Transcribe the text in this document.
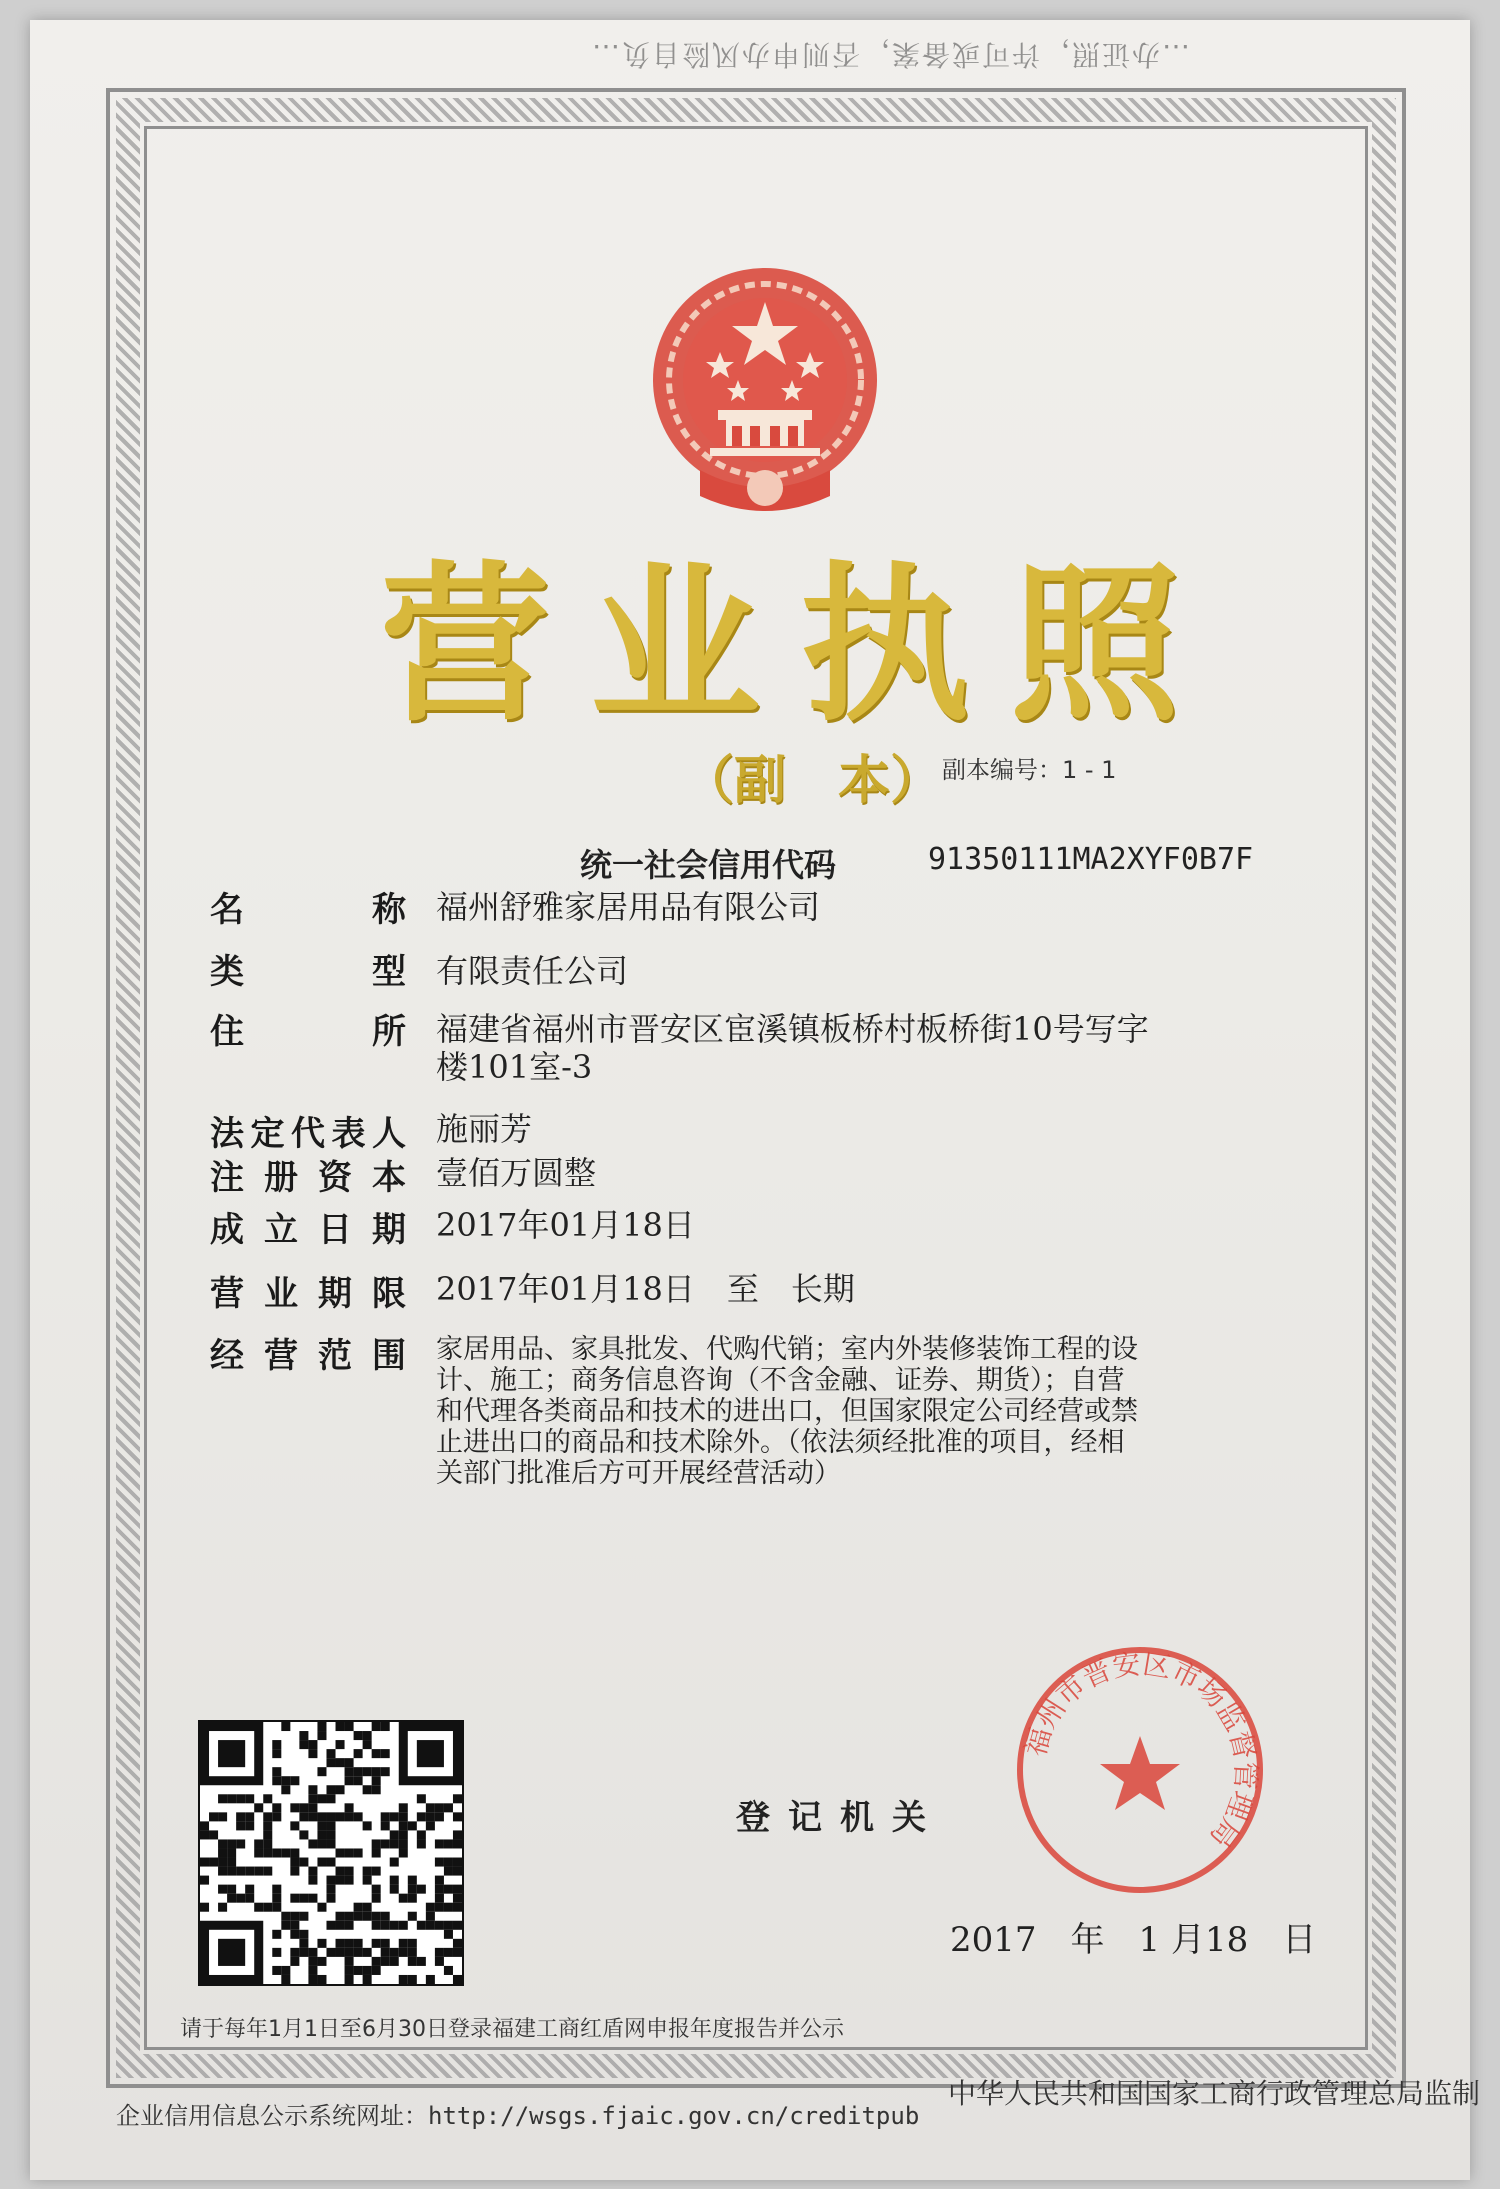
…办证照，许可或备案，否则申办风险自负…
营 业 执 照
（副　本） 副本编号：1 - 1
统一社会信用代码	91350111MA2XYF0B7F
名	称 福州舒雅家居用品有限公司
类	型 有限责任公司
住	所 福建省福州市晋安区宦溪镇板桥村板桥街10号写字
楼101室-3
法 定 代 表 人 施丽芳
注 册 资 本 壹佰万圆整
成 立 日 期 2017年01月18日
营 业 期 限 2017年01月18日　至　长期
经 营 范 围 家居用品、家具批发、代购代销；室内外装修装饰工程的设
计、施工；商务信息咨询（不含金融、证券、期货）；自营
和代理各类商品和技术的进出口，但国家限定公司经营或禁
止进出口的商品和技术除外。（依法须经批准的项目，经相
关部门批准后方可开展经营活动）
登记机关
福州市晋安区市场监督管理局
2017　年　1 月18　日
请于每年1月1日至6月30日登录福建工商红盾网申报年度报告并公示
企业信用信息公示系统网址：http://wsgs.fjaic.gov.cn/creditpub
中华人民共和国国家工商行政管理总局监制
